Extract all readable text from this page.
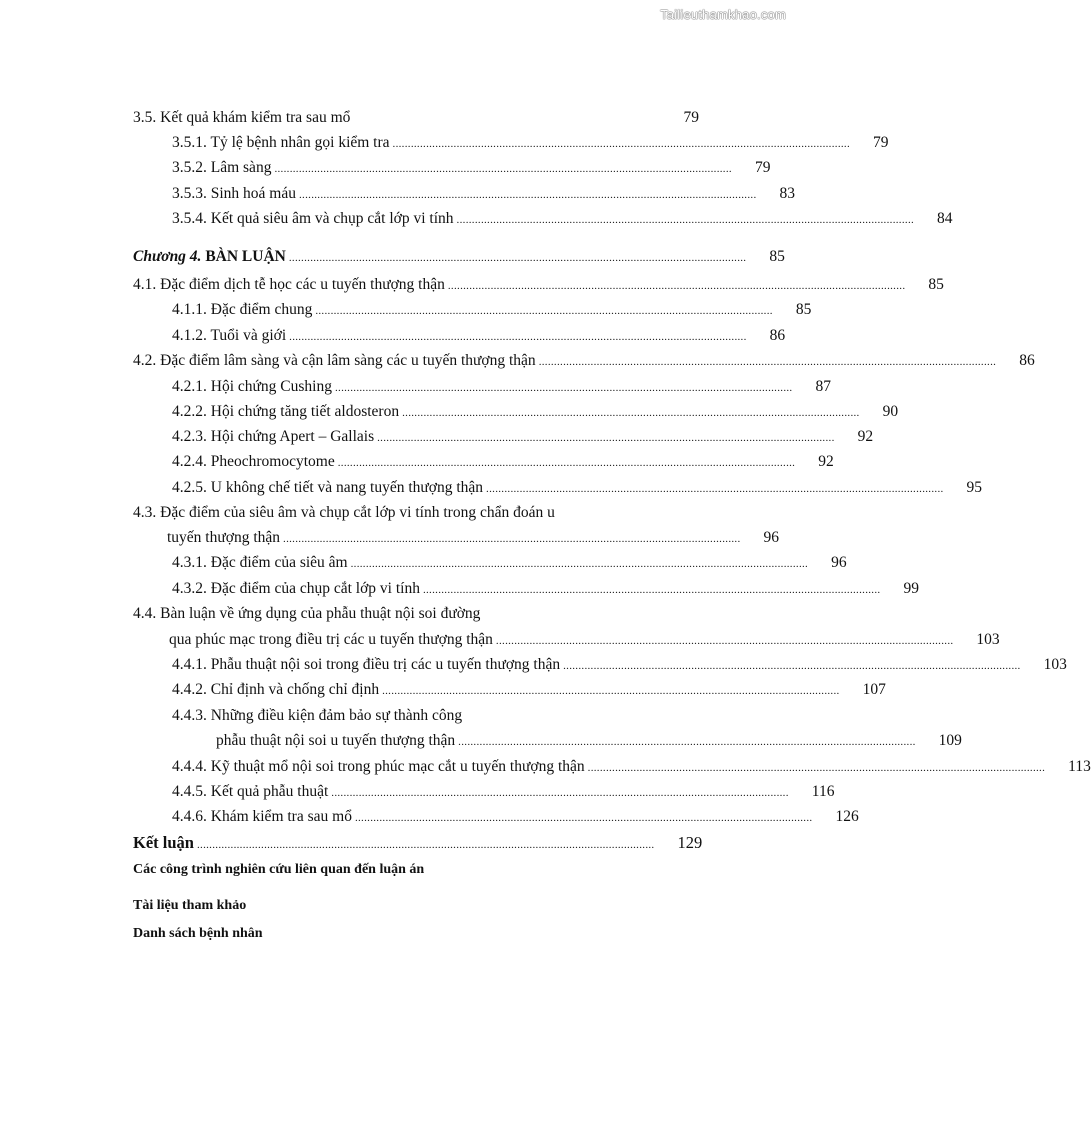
Tailieuthamkhao.com
3.5. Kết quả khám kiểm tra sau mổ	79
3.5.1. Tỷ lệ bệnh nhân gọi kiểm tra ...................................................................................................................................................... 79
3.5.2. Lâm sàng ...................................................................................................................................................... 79
3.5.3. Sinh hoá máu ...................................................................................................................................................... 83
3.5.4. Kết quả siêu âm và chụp cắt lớp vi tính ...................................................................................................................................................... 84
Chương 4. BÀN LUẬN ...................................................................................................................................................... 85
4.1. Đặc điểm dịch tễ học các u tuyến thượng thận ...................................................................................................................................................... 85
4.1.1. Đặc điểm chung ...................................................................................................................................................... 85
4.1.2. Tuổi và giới ...................................................................................................................................................... 86
4.2. Đặc điểm lâm sàng và cận lâm sàng các u tuyến thượng thận ...................................................................................................................................................... 86
4.2.1. Hội chứng Cushing ...................................................................................................................................................... 87
4.2.2. Hội chứng tăng tiết aldosteron ...................................................................................................................................................... 90
4.2.3. Hội chứng Apert – Gallais ...................................................................................................................................................... 92
4.2.4. Pheochromocytome ...................................................................................................................................................... 92
4.2.5. U không chế tiết và nang tuyến thượng thận ...................................................................................................................................................... 95
4.3. Đặc điểm của siêu âm và chụp cắt lớp vi tính trong chẩn đoán u
tuyến thượng thận ...................................................................................................................................................... 96
4.3.1. Đặc điểm của siêu âm ...................................................................................................................................................... 96
4.3.2. Đặc điểm của chụp cắt lớp vi tính ...................................................................................................................................................... 99
4.4. Bàn luận về ứng dụng của phẫu thuật nội soi đường
qua phúc mạc trong điều trị các u tuyến thượng thận ...................................................................................................................................................... 103
4.4.1. Phẫu thuật nội soi trong điều trị các u tuyến thượng thận ...................................................................................................................................................... 103
4.4.2. Chỉ định và chống chỉ định ...................................................................................................................................................... 107
4.4.3. Những điều kiện đảm bảo sự thành công
phẫu thuật nội soi u tuyến thượng thận ...................................................................................................................................................... 109
4.4.4. Kỹ thuật mổ nội soi trong phúc mạc cắt u tuyến thượng thận ...................................................................................................................................................... 113
4.4.5. Kết quả phẫu thuật ...................................................................................................................................................... 116
4.4.6. Khám kiểm tra sau mổ ...................................................................................................................................................... 126
Kết luận ...................................................................................................................................................... 129
Các công trình nghiên cứu liên quan đến luận án
Tài liệu tham khảo
Danh sách bệnh nhân
